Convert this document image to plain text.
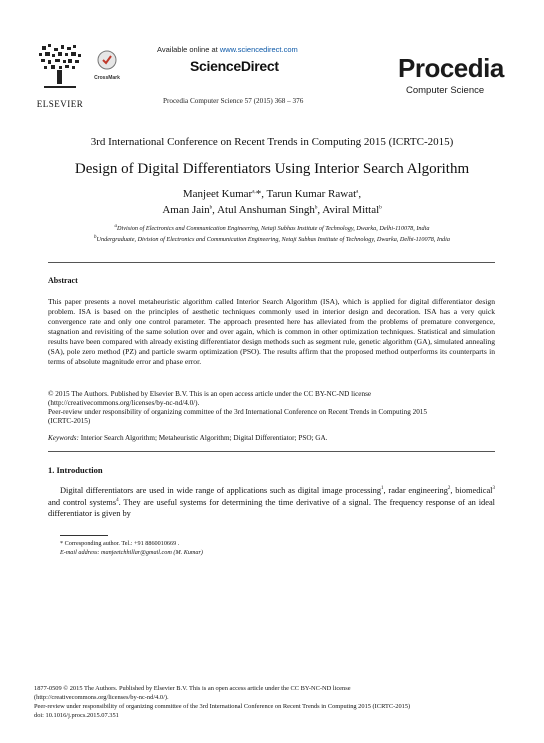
ELSEVIER
CrossMark
Available online at www.sciencedirect.com
ScienceDirect
Procedia Computer Science 57 (2015) 368 – 376
Procedia
Computer Science
3rd International Conference on Recent Trends in Computing 2015 (ICRTC-2015)
Design of Digital Differentiators Using Interior Search Algorithm
Manjeet Kumar$^{a,}$*, Tarun Kumar Rawat$^a$,
Aman Jain$^b$, Atul Anshuman Singh$^b$, Aviral Mittal$^b$
$^a$Division of Electronics and Communication Engineering, Netaji Subhas Institute of Technology, Dwarka, Delhi-110078, India
$^b$Undergraduate, Division of Electronics and Communication Engineering, Netaji Subhas Institute of Technology, Dwarka, Delhi-110078, India
Abstract
This paper presents a novel metaheuristic algorithm called Interior Search Algorithm (ISA), which is applied for digital differentiator design problem. ISA is based on the principles of aesthetic techniques commonly used in interior design and decoration. ISA has a very quick convergence rate and only one control parameter. The approach presented here has alleviated from the problems of premature convergence, stagnation and revisiting of the same solution over and over again, which is common in other optimization techniques. Statistical and simulation results have been compared with already existing differentiator design methods such as segment rule, genetic algorithm (GA), simulated annealing (SA), pole zero method (PZ) and particle swarm optimization (PSO). The results affirm that the proposed method outperforms its counterparts in terms of absolute magnitude error and phase error.
© 2015 The Authors. Published by Elsevier B.V. This is an open access article under the CC BY-NC-ND license
(http://creativecommons.org/licenses/by-nc-nd/4.0/).
Peer-review under responsibility of organizing committee of the 3rd International Conference on Recent Trends in Computing 2015
(ICRTC-2015)
Keywords: Interior Search Algorithm; Metaheuristic Algorithm; Digital Differentiator; PSO; GA.
1. Introduction
Digital differentiators are used in wide range of applications such as digital image processing$^1$, radar engineering$^2$, biomedical$^3$ and control systems$^4$. They are useful systems for determining the time derivative of a signal. The frequency response of an ideal differentiator is given by
* Corresponding author. Tel.: +91 8860010669 .
E-mail address: manjeetchhillar@gmail.com (M. Kumar)
1877-0509 © 2015 The Authors. Published by Elsevier B.V. This is an open access article under the CC BY-NC-ND license
(http://creativecommons.org/licenses/by-nc-nd/4.0/).
Peer-review under responsibility of organizing committee of the 3rd International Conference on Recent Trends in Computing 2015 (ICRTC-2015)
doi: 10.1016/j.procs.2015.07.351
